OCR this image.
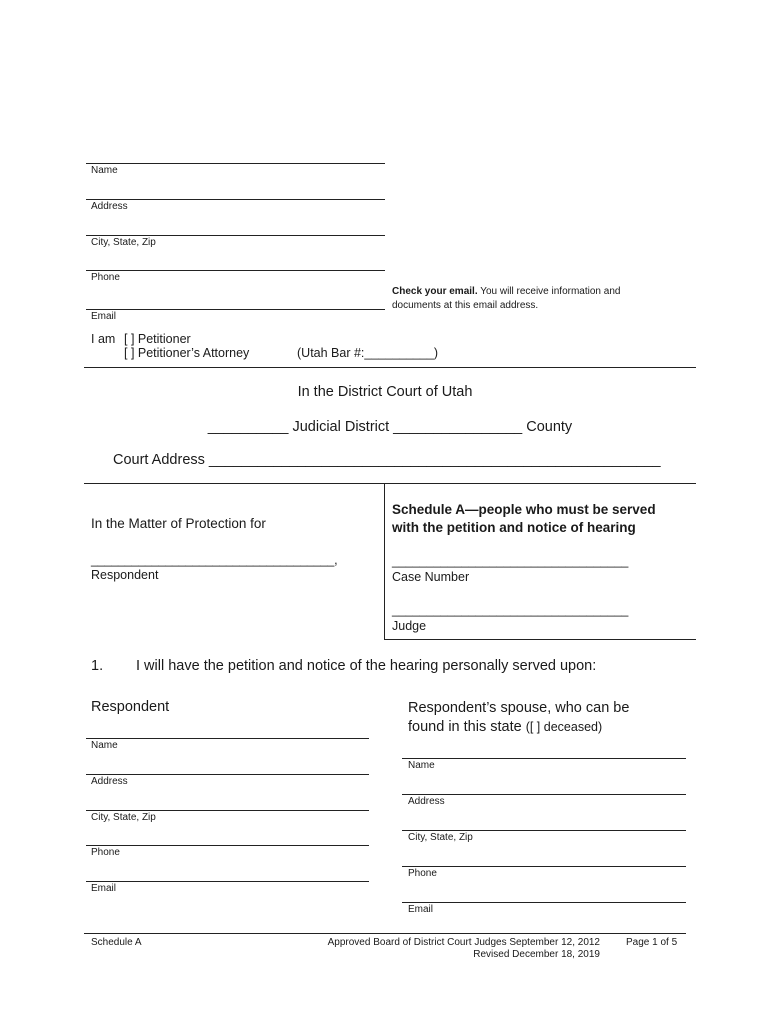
Name
Address
City, State, Zip
Phone
Email
Check your email. You will receive information and
documents at this email address.
I am [ ] Petitioner
[ ] Petitioner’s Attorney	(Utah Bar #:__________)
In the District Court of Utah
__________ Judicial District ________________ County
Court Address ________________________________________________________
In the Matter of Protection for
____________________________________,
Respondent
Schedule A—people who must be served
with the petition and notice of hearing
__________________________________
Case Number
__________________________________
Judge
1. I will have the petition and notice of the hearing personally served upon:
Respondent
Name
Address
City, State, Zip
Phone
Email
Respondent’s spouse, who can be
found in this state ([ ] deceased)
Name
Address
City, State, Zip
Phone
Email
Schedule A	Approved Board of District Court Judges September 12, 2012
Revised December 18, 2019
Page 1 of 5
